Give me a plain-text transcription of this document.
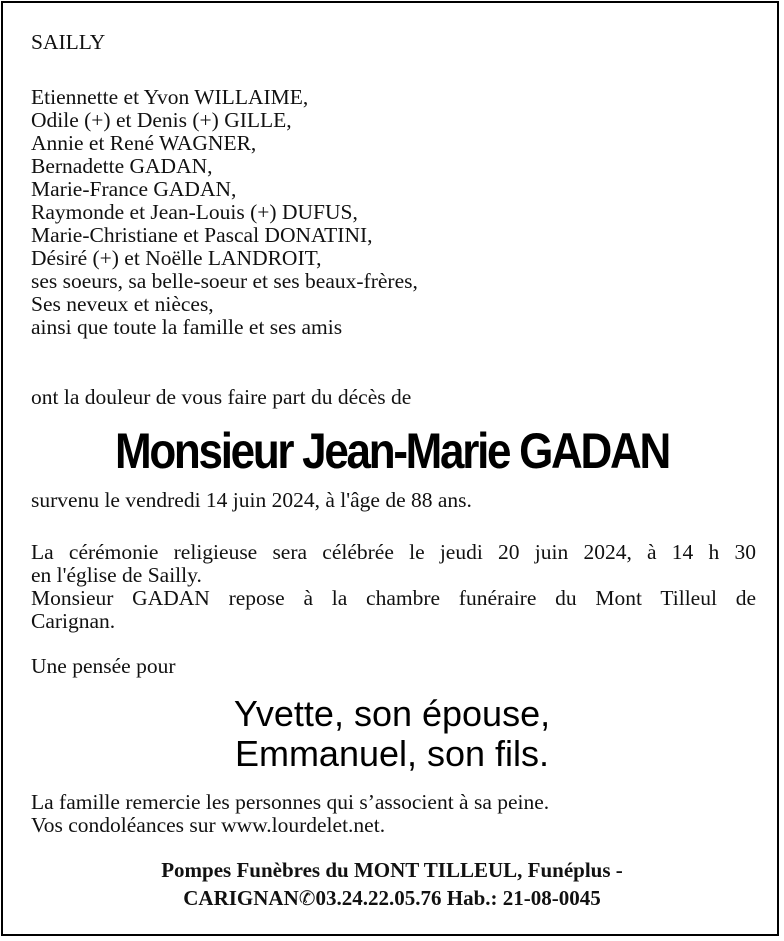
SAILLY
Etiennette et Yvon WILLAIME,
Odile (+) et Denis (+) GILLE,
Annie et René WAGNER,
Bernadette GADAN,
Marie-France GADAN,
Raymonde et Jean-Louis (+) DUFUS,
Marie-Christiane et Pascal DONATINI,
Désiré (+) et Noëlle LANDROIT,
ses soeurs, sa belle-soeur et ses beaux-frères,
Ses neveux et nièces,
ainsi que toute la famille et ses amis
ont la douleur de vous faire part du décès de
Monsieur Jean-Marie GADAN
survenu le vendredi 14 juin 2024, à l'âge de 88 ans.
La cérémonie religieuse sera célébrée le jeudi 20 juin 2024, à 14 h 30
en l'église de Sailly.
Monsieur GADAN repose à la chambre funéraire du Mont Tilleul de
Carignan.
Une pensée pour
Yvette, son épouse,
Emmanuel, son fils.
La famille remercie les personnes qui s’associent à sa peine.
Vos condoléances sur www.lourdelet.net.
Pompes Funèbres du MONT TILLEUL, Funéplus -
CARIGNAN✆03.24.22.05.76 Hab.: 21-08-0045
